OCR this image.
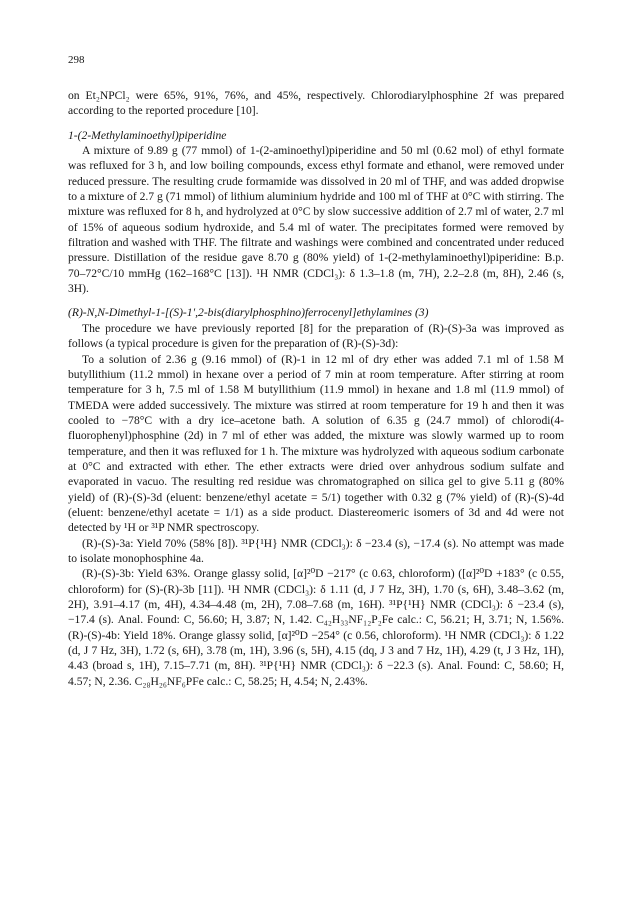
298

on Et₂NPCl₂ were 65%, 91%, 76%, and 45%, respectively. Chlorodiarylphosphine 2f was prepared according to the reported procedure [10].

1-(2-Methylaminoethyl)piperidine

A mixture of 9.89 g (77 mmol) of 1-(2-aminoethyl)piperidine and 50 ml (0.62 mol) of ethyl formate was refluxed for 3 h, and low boiling compounds, excess ethyl formate and ethanol, were removed under reduced pressure. The resulting crude formamide was dissolved in 20 ml of THF, and was added dropwise to a mixture of 2.7 g (71 mmol) of lithium aluminium hydride and 100 ml of THF at 0°C with stirring. The mixture was refluxed for 8 h, and hydrolyzed at 0°C by slow successive addition of 2.7 ml of water, 2.7 ml of 15% of aqueous sodium hydroxide, and 5.4 ml of water. The precipitates formed were removed by filtration and washed with THF. The filtrate and washings were combined and concentrated under reduced pressure. Distillation of the residue gave 8.70 g (80% yield) of 1-(2-methylaminoethyl)piperidine: B.p. 70–72°C/10 mmHg (162–168°C [13]). ¹H NMR (CDCl₃): δ 1.3–1.8 (m, 7H), 2.2–2.8 (m, 8H), 2.46 (s, 3H).

(R)-N,N-Dimethyl-1-[(S)-1′,2-bis(diarylphosphino)ferrocenyl]ethylamines (3)

The procedure we have previously reported [8] for the preparation of (R)-(S)-3a was improved as follows (a typical procedure is given for the preparation of (R)-(S)-3d):

To a solution of 2.36 g (9.16 mmol) of (R)-1 in 12 ml of dry ether was added 7.1 ml of 1.58 M butyllithium (11.2 mmol) in hexane over a period of 7 min at room temperature. After stirring at room temperature for 3 h, 7.5 ml of 1.58 M butyllithium (11.9 mmol) in hexane and 1.8 ml (11.9 mmol) of TMEDA were added successively. The mixture was stirred at room temperature for 19 h and then it was cooled to −78°C with a dry ice–acetone bath. A solution of 6.35 g (24.7 mmol) of chlorodi(4-fluorophenyl)phosphine (2d) in 7 ml of ether was added, the mixture was slowly warmed up to room temperature, and then it was refluxed for 1 h. The mixture was hydrolyzed with aqueous sodium carbonate at 0°C and extracted with ether. The ether extracts were dried over anhydrous sodium sulfate and evaporated in vacuo. The resulting red residue was chromatographed on silica gel to give 5.11 g (80% yield) of (R)-(S)-3d (eluent: benzene/ethyl acetate = 5/1) together with 0.32 g (7% yield) of (R)-(S)-4d (eluent: benzene/ethyl acetate = 1/1) as a side product. Diastereomeric isomers of 3d and 4d were not detected by ¹H or ³¹P NMR spectroscopy.

(R)-(S)-3a: Yield 70% (58% [8]). ³¹P{¹H} NMR (CDCl₃): δ −23.4 (s), −17.4 (s). No attempt was made to isolate monophosphine 4a.

(R)-(S)-3b: Yield 63%. Orange glassy solid, [α]²⁰D −217° (c 0.63, chloroform) ([α]²⁰D +183° (c 0.55, chloroform) for (S)-(R)-3b [11]). ¹H NMR (CDCl₃): δ 1.11 (d, J 7 Hz, 3H), 1.70 (s, 6H), 3.48–3.62 (m, 2H), 3.91–4.17 (m, 4H), 4.34–4.48 (m, 2H), 7.08–7.68 (m, 16H). ³¹P{¹H} NMR (CDCl₃): δ −23.4 (s), −17.4 (s). Anal. Found: C, 56.60; H, 3.87; N, 1.42. C₄₂H₃₃NF₁₂P₂Fe calc.: C, 56.21; H, 3.71; N, 1.56%. (R)-(S)-4b: Yield 18%. Orange glassy solid, [α]²⁰D −254° (c 0.56, chloroform). ¹H NMR (CDCl₃): δ 1.22 (d, J 7 Hz, 3H), 1.72 (s, 6H), 3.78 (m, 1H), 3.96 (s, 5H), 4.15 (dq, J 3 and 7 Hz, 1H), 4.29 (t, J 3 Hz, 1H), 4.43 (broad s, 1H), 7.15–7.71 (m, 8H). ³¹P{¹H} NMR (CDCl₃): δ −22.3 (s). Anal. Found: C, 58.60; H, 4.57; N, 2.36. C₂₈H₂₆NF₆PFe calc.: C, 58.25; H, 4.54; N, 2.43%.
